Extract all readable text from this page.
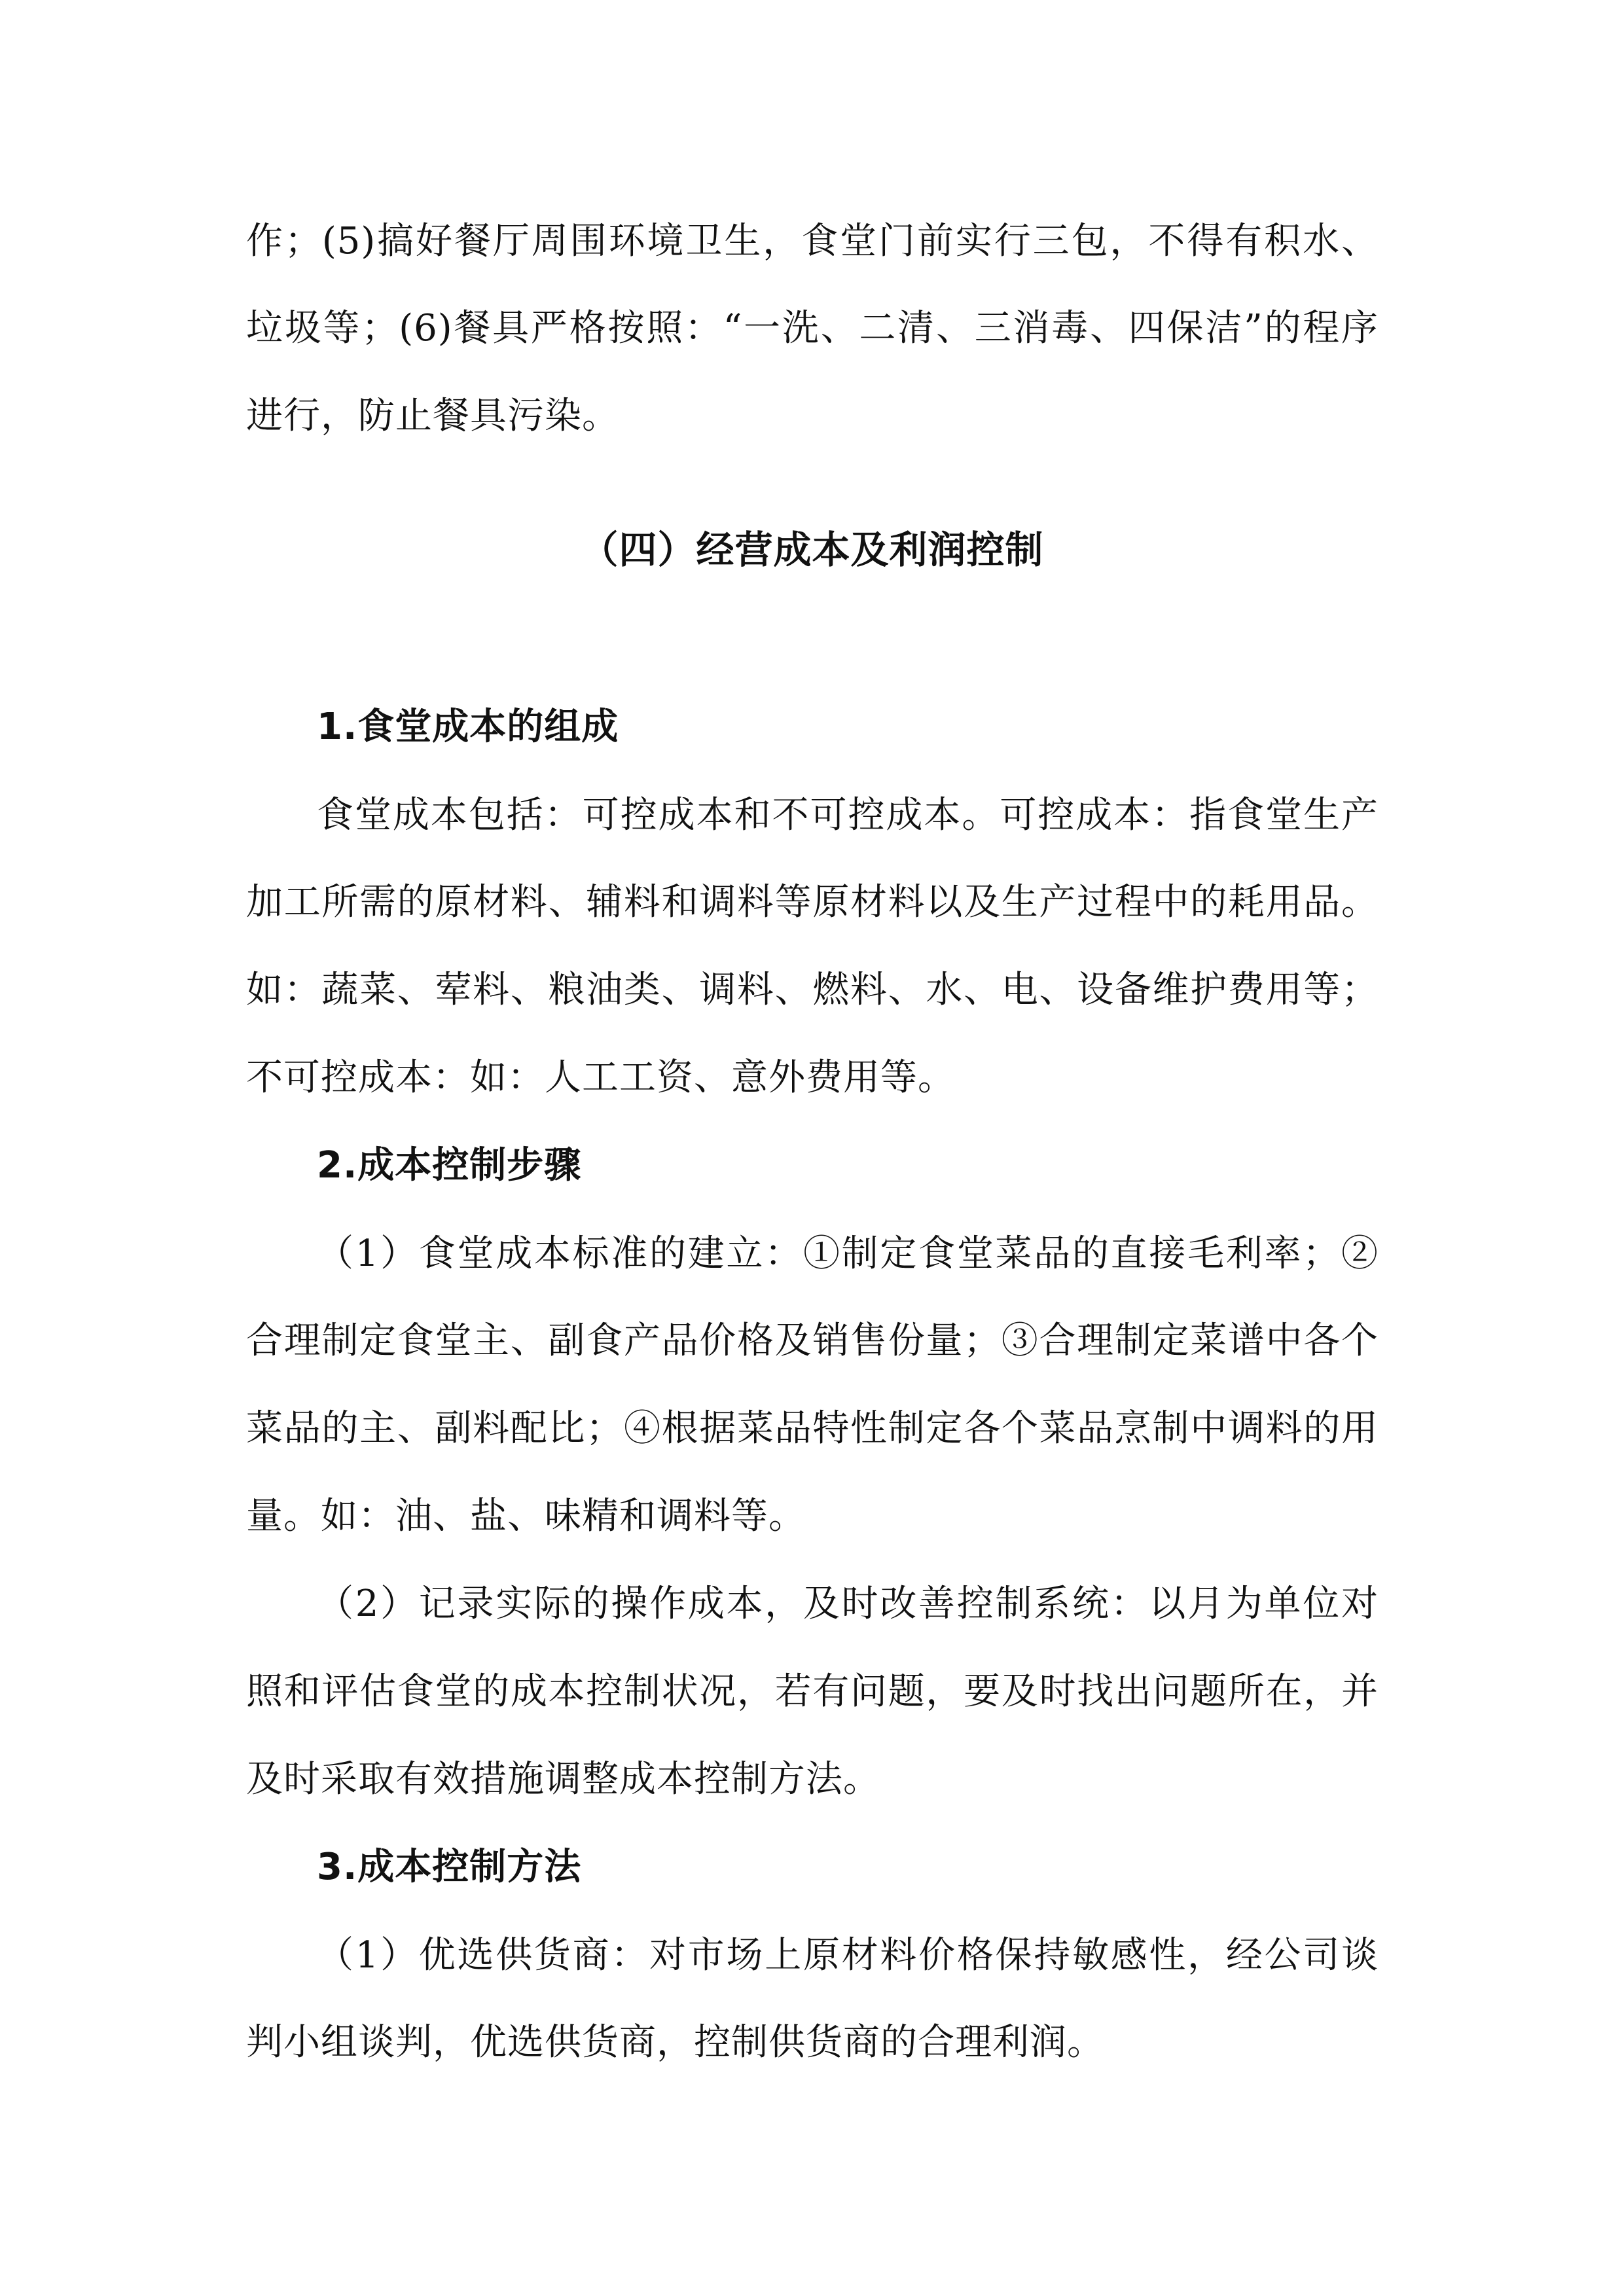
作；(5)搞好餐厅周围环境卫生，食堂门前实行三包，不得有积水、
垃圾等；(6)餐具严格按照：“一洗、二清、三消毒、四保洁”的程序
进行，防止餐具污染。
（四）经营成本及利润控制
1.食堂成本的组成
食堂成本包括：可控成本和不可控成本。可控成本：指食堂生产
加工所需的原材料、辅料和调料等原材料以及生产过程中的耗用品。
如：蔬菜、荤料、粮油类、调料、燃料、水、电、设备维护费用等；
不可控成本：如：人工工资、意外费用等。
2.成本控制步骤
（1）食堂成本标准的建立：①制定食堂菜品的直接毛利率；②
合理制定食堂主、副食产品价格及销售份量；③合理制定菜谱中各个
菜品的主、副料配比；④根据菜品特性制定各个菜品烹制中调料的用
量。如：油、盐、味精和调料等。
（2）记录实际的操作成本，及时改善控制系统：以月为单位对
照和评估食堂的成本控制状况，若有问题，要及时找出问题所在，并
及时采取有效措施调整成本控制方法。
3.成本控制方法
（1）优选供货商：对市场上原材料价格保持敏感性，经公司谈
判小组谈判，优选供货商，控制供货商的合理利润。
